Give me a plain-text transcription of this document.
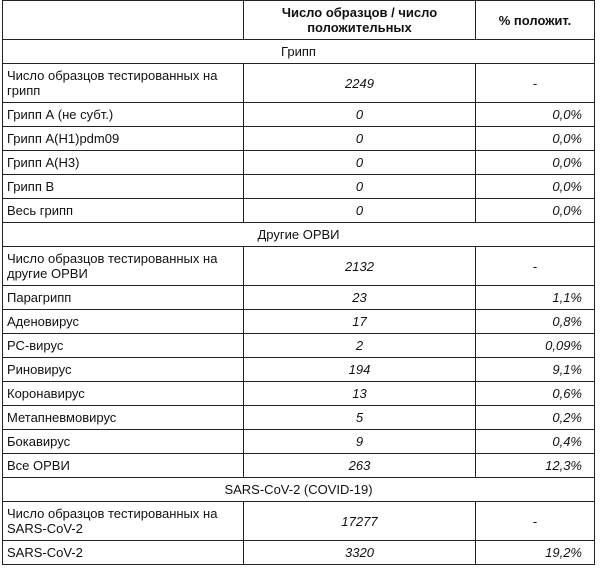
	Число образцов / число положительных	% положит.
Грипп		
Число образцов тестированных на грипп	2249	-
Грипп А (не субт.)	0	0,0%
Грипп A(H1)pdm09	0	0,0%
Грипп A(H3)	0	0,0%
Грипп В	0	0,0%
Весь грипп	0	0,0%
Другие ОРВИ		
Число образцов тестированных на другие ОРВИ	2132	-
Парагрипп	23	1,1%
Аденовирус	17	0,8%
РС-вирус	2	0,09%
Риновирус	194	9,1%
Коронавирус	13	0,6%
Метапневмовирус	5	0,2%
Бокавирус	9	0,4%
Все ОРВИ	263	12,3%
SARS-CoV-2 (COVID-19)		
Число образцов тестированных на SARS-CoV-2	17277	-
SARS-CoV-2	3320	19,2%
